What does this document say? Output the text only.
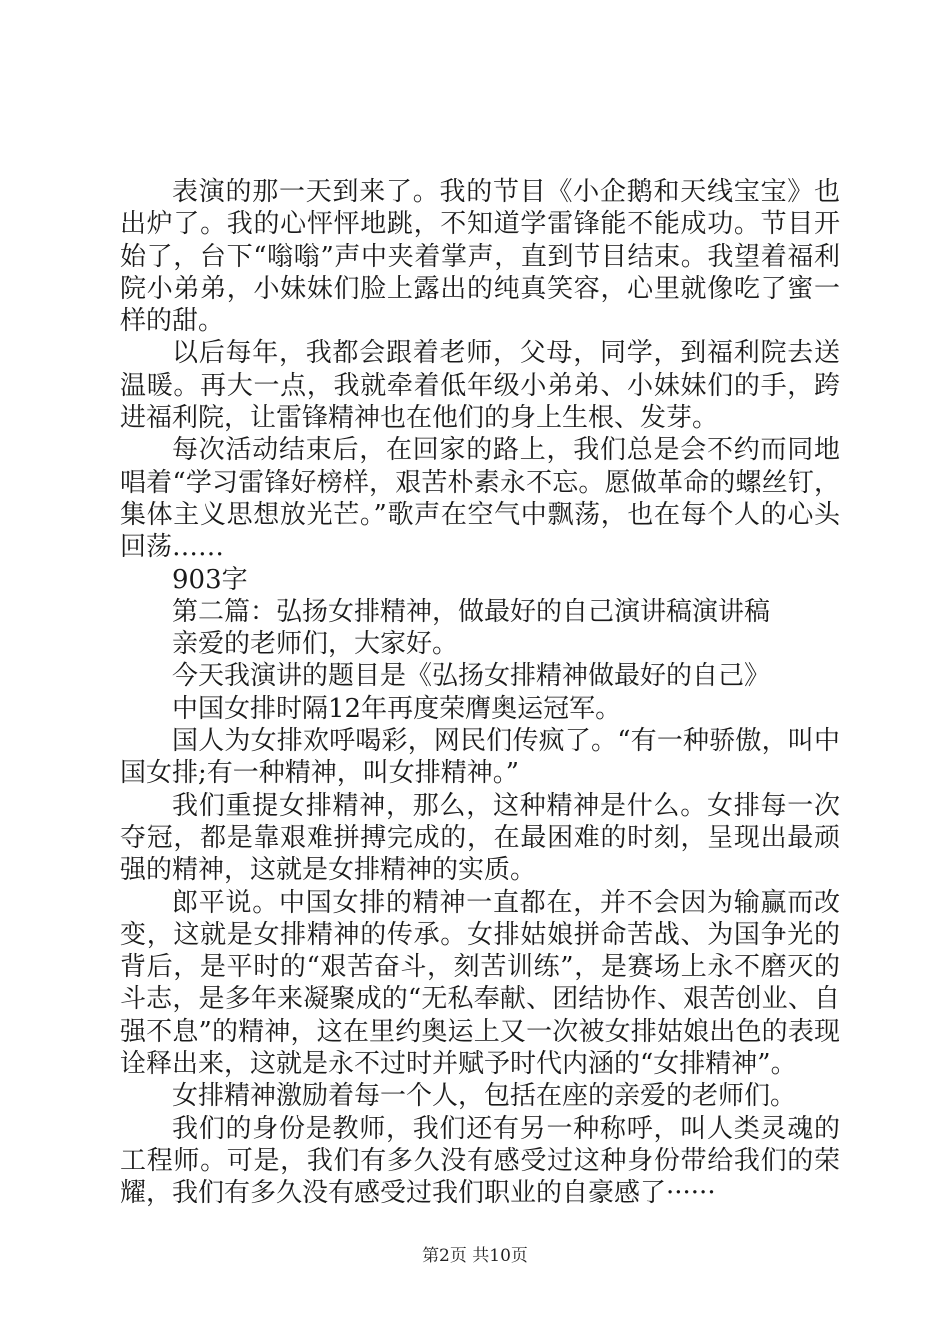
表演的那一天到来了。我的节目《小企鹅和天线宝宝》也出炉了。我的心怦怦地跳，不知道学雷锋能不能成功。节目开始了，台下“嗡嗡”声中夹着掌声，直到节目结束。我望着福利院小弟弟，小妹妹们脸上露出的纯真笑容，心里就像吃了蜜一样的甜。

以后每年，我都会跟着老师，父母，同学，到福利院去送温暖。再大一点，我就牵着低年级小弟弟、小妹妹们的手，跨进福利院，让雷锋精神也在他们的身上生根、发芽。

每次活动结束后，在回家的路上，我们总是会不约而同地唱着“学习雷锋好榜样，艰苦朴素永不忘。愿做革命的螺丝钉，集体主义思想放光芒。”歌声在空气中飘荡，也在每个人的心头回荡……

903字

第二篇：弘扬女排精神，做最好的自己演讲稿演讲稿

亲爱的老师们，大家好。

今天我演讲的题目是《弘扬女排精神做最好的自己》

中国女排时隔12年再度荣膺奥运冠军。

国人为女排欢呼喝彩，网民们传疯了。“有一种骄傲，叫中国女排;有一种精神，叫女排精神。”

我们重提女排精神，那么，这种精神是什么。女排每一次夺冠，都是靠艰难拼搏完成的，在最困难的时刻，呈现出最顽强的精神，这就是女排精神的实质。

郎平说。中国女排的精神一直都在，并不会因为输赢而改变，这就是女排精神的传承。女排姑娘拼命苦战、为国争光的背后，是平时的“艰苦奋斗，刻苦训练”，是赛场上永不磨灭的斗志，是多年来凝聚成的“无私奉献、团结协作、艰苦创业、自强不息”的精神，这在里约奥运上又一次被女排姑娘出色的表现诠释出来，这就是永不过时并赋予时代内涵的“女排精神”。

女排精神激励着每一个人，包括在座的亲爱的老师们。

我们的身份是教师，我们还有另一种称呼，叫人类灵魂的工程师。可是，我们有多久没有感受过这种身份带给我们的荣耀，我们有多久没有感受过我们职业的自豪感了······

第2页 共10页
